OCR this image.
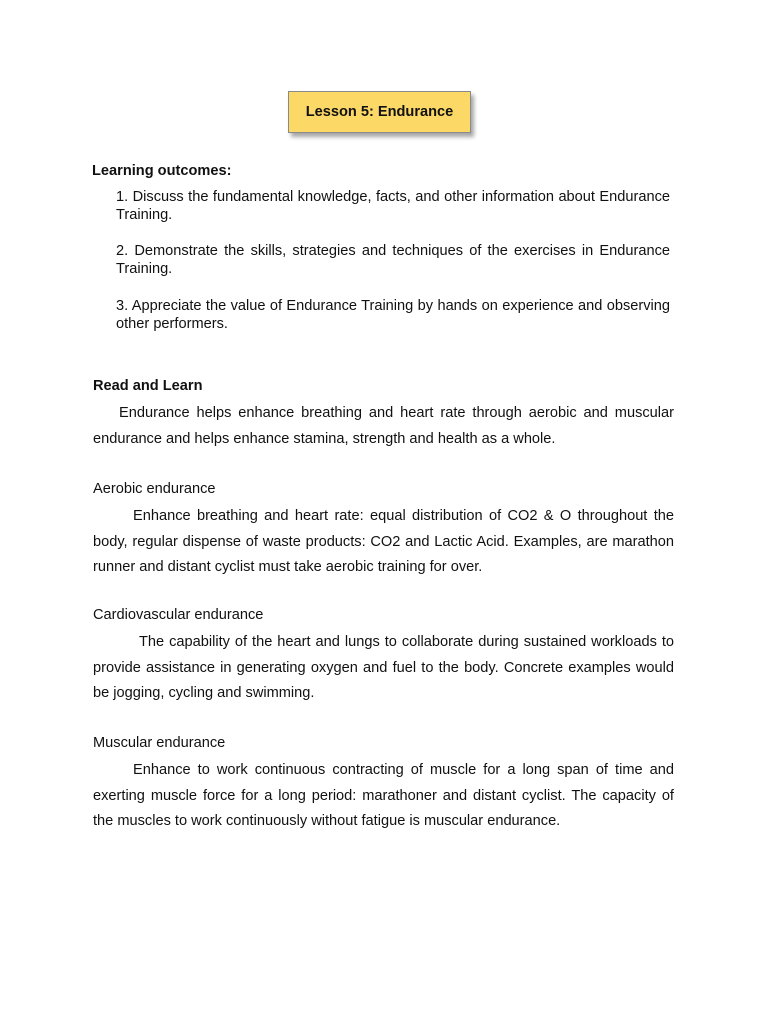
Lesson 5: Endurance
Learning outcomes:
1. Discuss the fundamental knowledge, facts, and other information about Endurance Training.
2. Demonstrate the skills, strategies and techniques of the exercises in Endurance Training.
3. Appreciate the value of Endurance Training by hands on experience and observing other performers.
Read and Learn
Endurance helps enhance breathing and heart rate through aerobic and muscular endurance and helps enhance stamina, strength and health as a whole.
Aerobic endurance
Enhance breathing and heart rate: equal distribution of CO2 & O throughout the body, regular dispense of waste products: CO2 and Lactic Acid. Examples, are marathon runner and distant cyclist must take aerobic training for over.
Cardiovascular endurance
The capability of the heart and lungs to collaborate during sustained workloads to provide assistance in generating oxygen and fuel to the body. Concrete examples would be jogging, cycling and swimming.
Muscular endurance
Enhance to work continuous contracting of muscle for a long span of time and exerting muscle force for a long period: marathoner and distant cyclist. The capacity of the muscles to work continuously without fatigue is muscular endurance.
